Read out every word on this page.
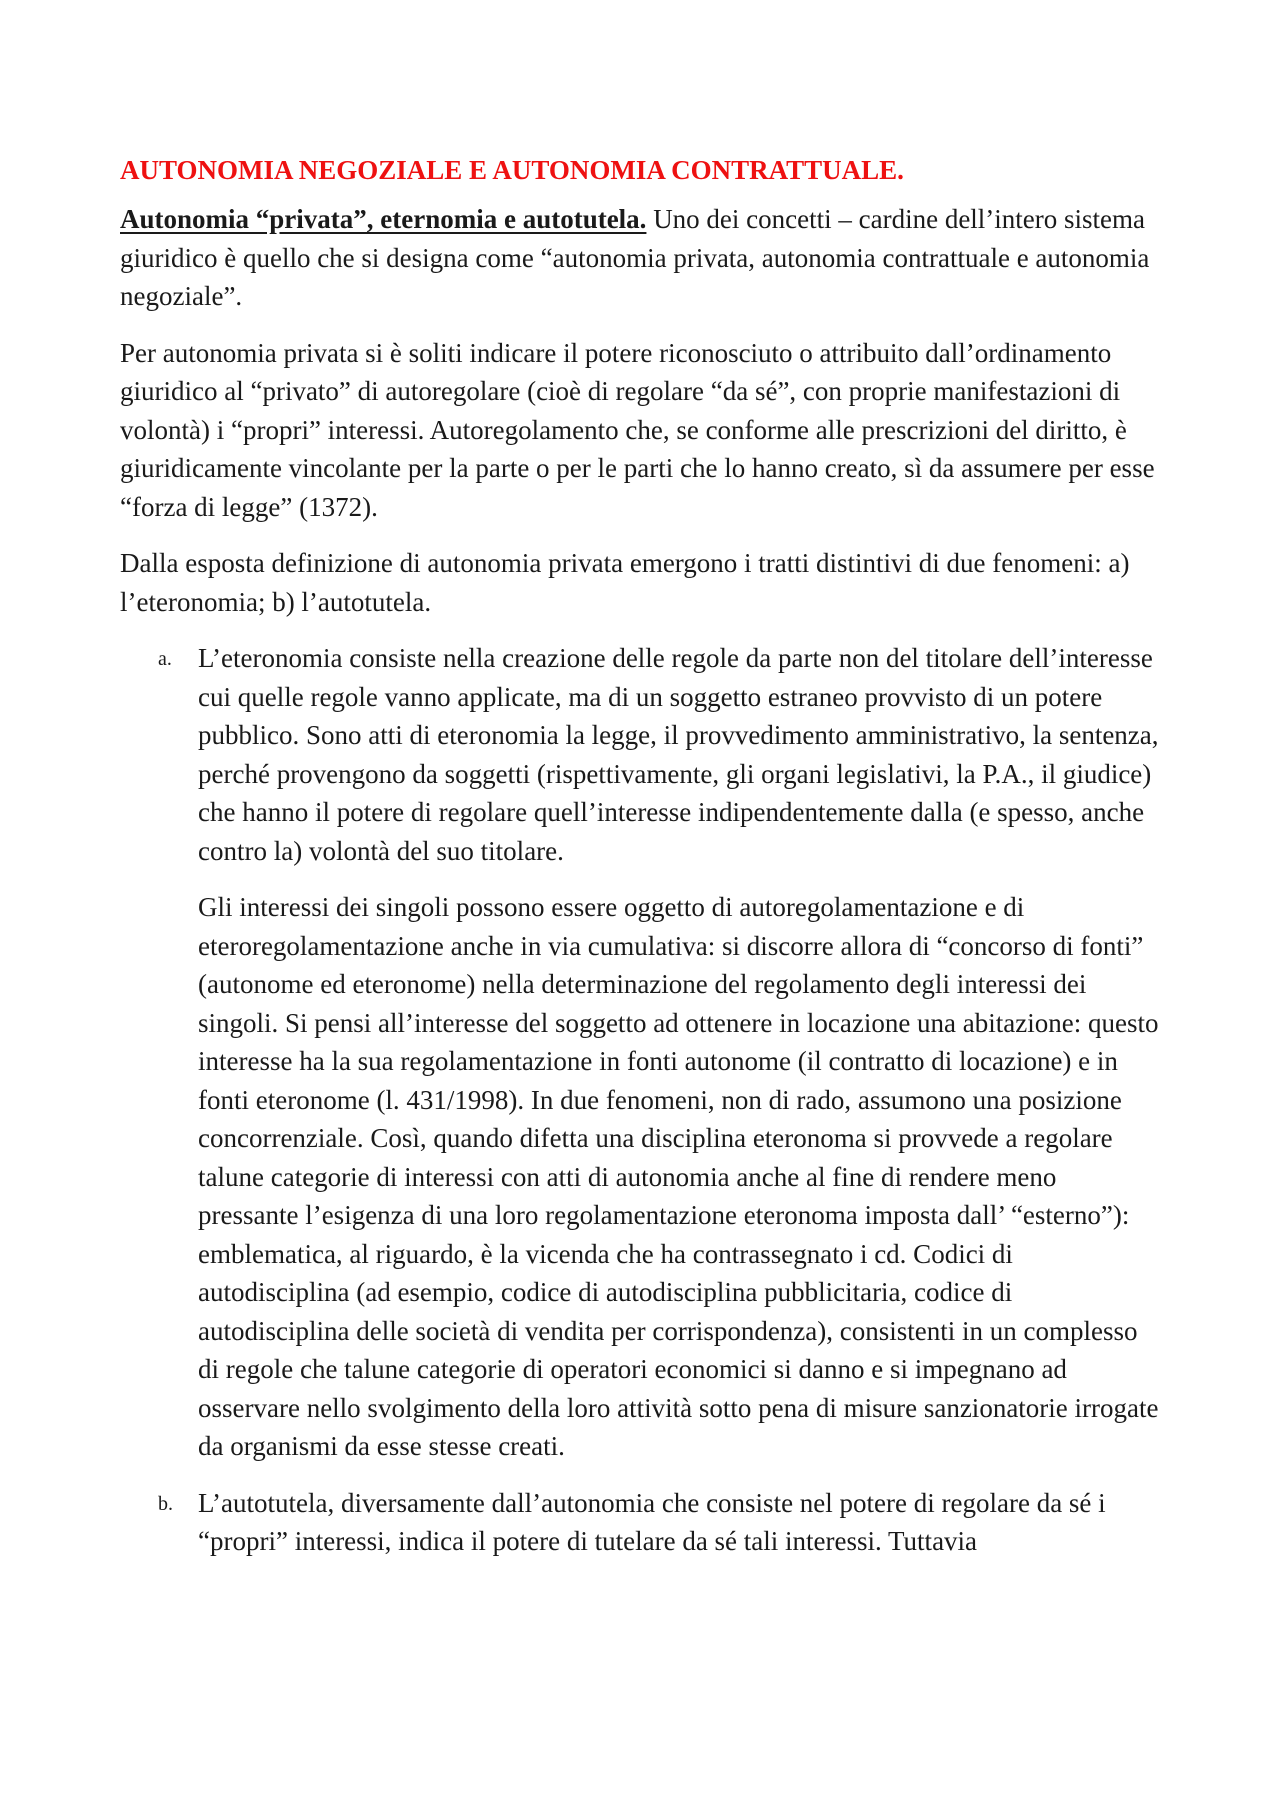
AUTONOMIA NEGOZIALE E AUTONOMIA CONTRATTUALE.

Autonomia “privata”, eternomia e autotutela. Uno dei concetti – cardine dell’intero sistema giuridico è quello che si designa come “autonomia privata, autonomia contrattuale e autonomia negoziale”.

Per autonomia privata si è soliti indicare il potere riconosciuto o attribuito dall’ordinamento giuridico al “privato” di autoregolare (cioè di regolare “da sé”, con proprie manifestazioni di volontà) i “propri” interessi. Autoregolamento che, se conforme alle prescrizioni del diritto, è giuridicamente vincolante per la parte o per le parti che lo hanno creato, sì da assumere per esse “forza di legge” (1372).

Dalla esposta definizione di autonomia privata emergono i tratti distintivi di due fenomeni: a) l’eteronomia; b) l’autotutela.

a. L’eteronomia consiste nella creazione delle regole da parte non del titolare dell’interesse cui quelle regole vanno applicate, ma di un soggetto estraneo provvisto di un potere pubblico. Sono atti di eteronomia la legge, il provvedimento amministrativo, la sentenza, perché provengono da soggetti (rispettivamente, gli organi legislativi, la P.A., il giudice) che hanno il potere di regolare quell’interesse indipendentemente dalla (e spesso, anche contro la) volontà del suo titolare.

Gli interessi dei singoli possono essere oggetto di autoregolamentazione e di eteroregolamentazione anche in via cumulativa: si discorre allora di “concorso di fonti” (autonome ed eteronome) nella determinazione del regolamento degli interessi dei singoli. Si pensi all’interesse del soggetto ad ottenere in locazione una abitazione: questo interesse ha la sua regolamentazione in fonti autonome (il contratto di locazione) e in fonti eteronome (l. 431/1998). In due fenomeni, non di rado, assumono una posizione concorrenziale. Così, quando difetta una disciplina eteronoma si provvede a regolare talune categorie di interessi con atti di autonomia anche al fine di rendere meno pressante l’esigenza di una loro regolamentazione eteronoma imposta dall’ “esterno”): emblematica, al riguardo, è la vicenda che ha contrassegnato i cd. Codici di autodisciplina (ad esempio, codice di autodisciplina pubblicitaria, codice di autodisciplina delle società di vendita per corrispondenza), consistenti in un complesso di regole che talune categorie di operatori economici si danno e si impegnano ad osservare nello svolgimento della loro attività sotto pena di misure sanzionatorie irrogate da organismi da esse stesse creati.

b. L’autotutela, diversamente dall’autonomia che consiste nel potere di regolare da sé i “propri” interessi, indica il potere di tutelare da sé tali interessi. Tuttavia
